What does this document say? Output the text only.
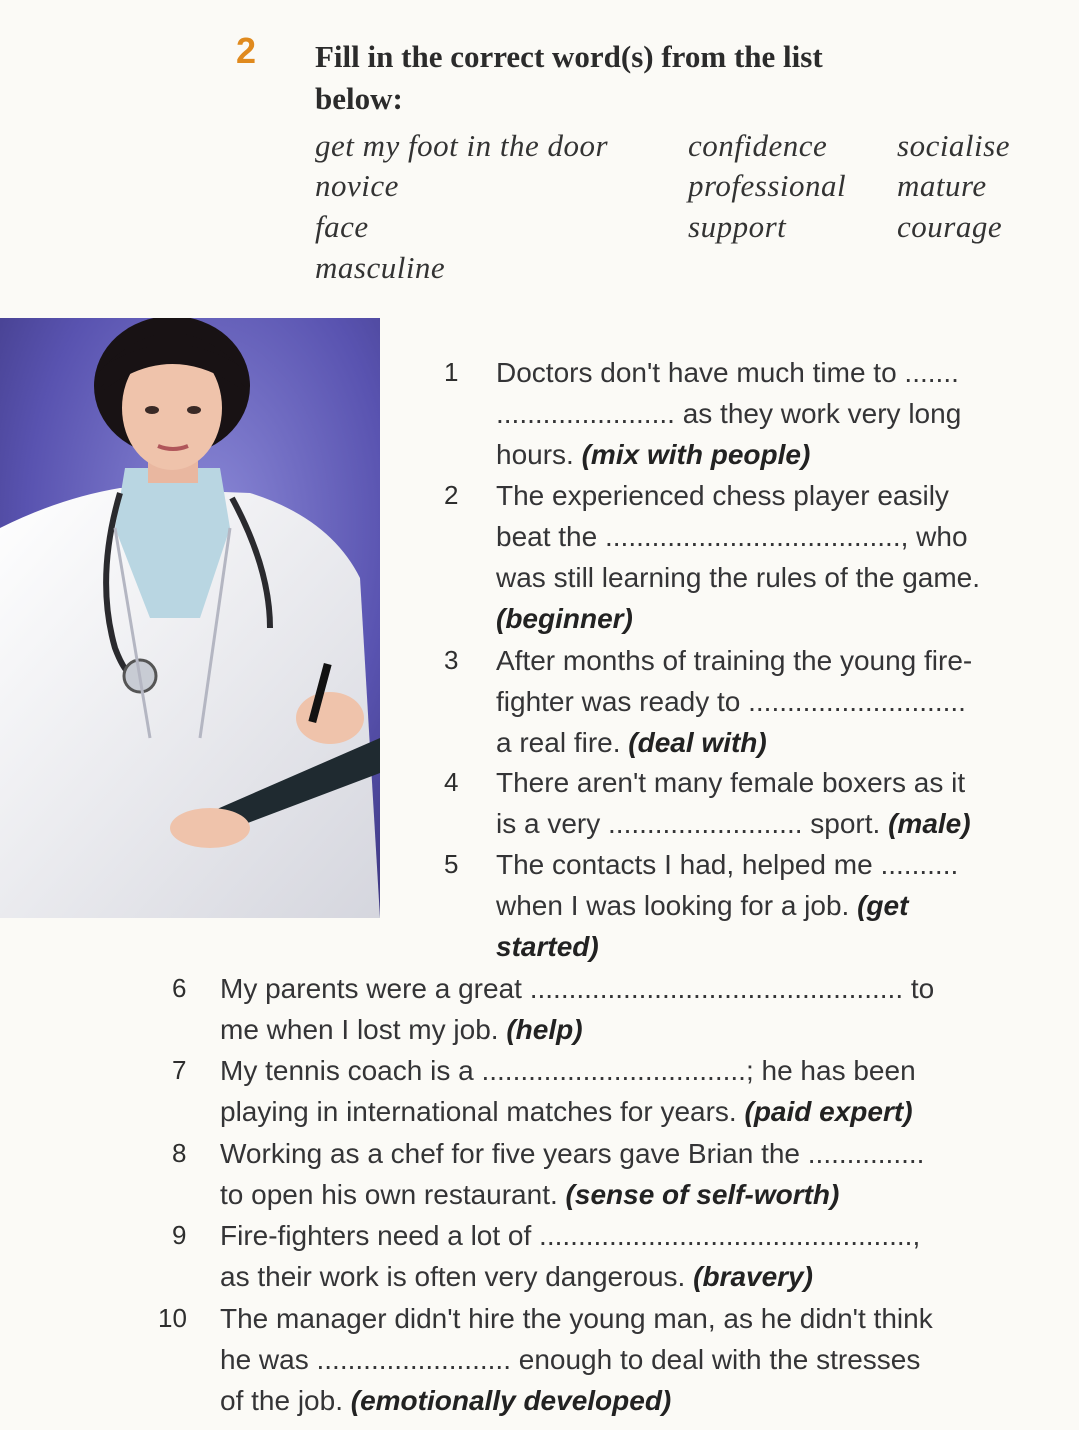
2 Fill in the correct word(s) from the list
below:
get my foot in the door
novice
face
masculine
confidence
professional
support
socialise
mature
courage
1 Doctors don't have much time to .......
....................... as they work very long
hours. (mix with people)
2 The experienced chess player easily
beat the ......................................, who
was still learning the rules of the game.
(beginner)
3 After months of training the young fire-
fighter was ready to ............................
a real fire. (deal with)
4 There aren't many female boxers as it
is a very ......................... sport. (male)
5 The contacts I had, helped me ..........
when I was looking for a job. (get
started)
6 My parents were a great ................................................ to
me when I lost my job. (help)
7 My tennis coach is a ..................................; he has been
playing in international matches for years. (paid expert)
8 Working as a chef for five years gave Brian the ...............
to open his own restaurant. (sense of self-worth)
9 Fire-fighters need a lot of ................................................,
as their work is often very dangerous. (bravery)
10 The manager didn't hire the young man, as he didn't think
he was ......................... enough to deal with the stresses
of the job. (emotionally developed)
